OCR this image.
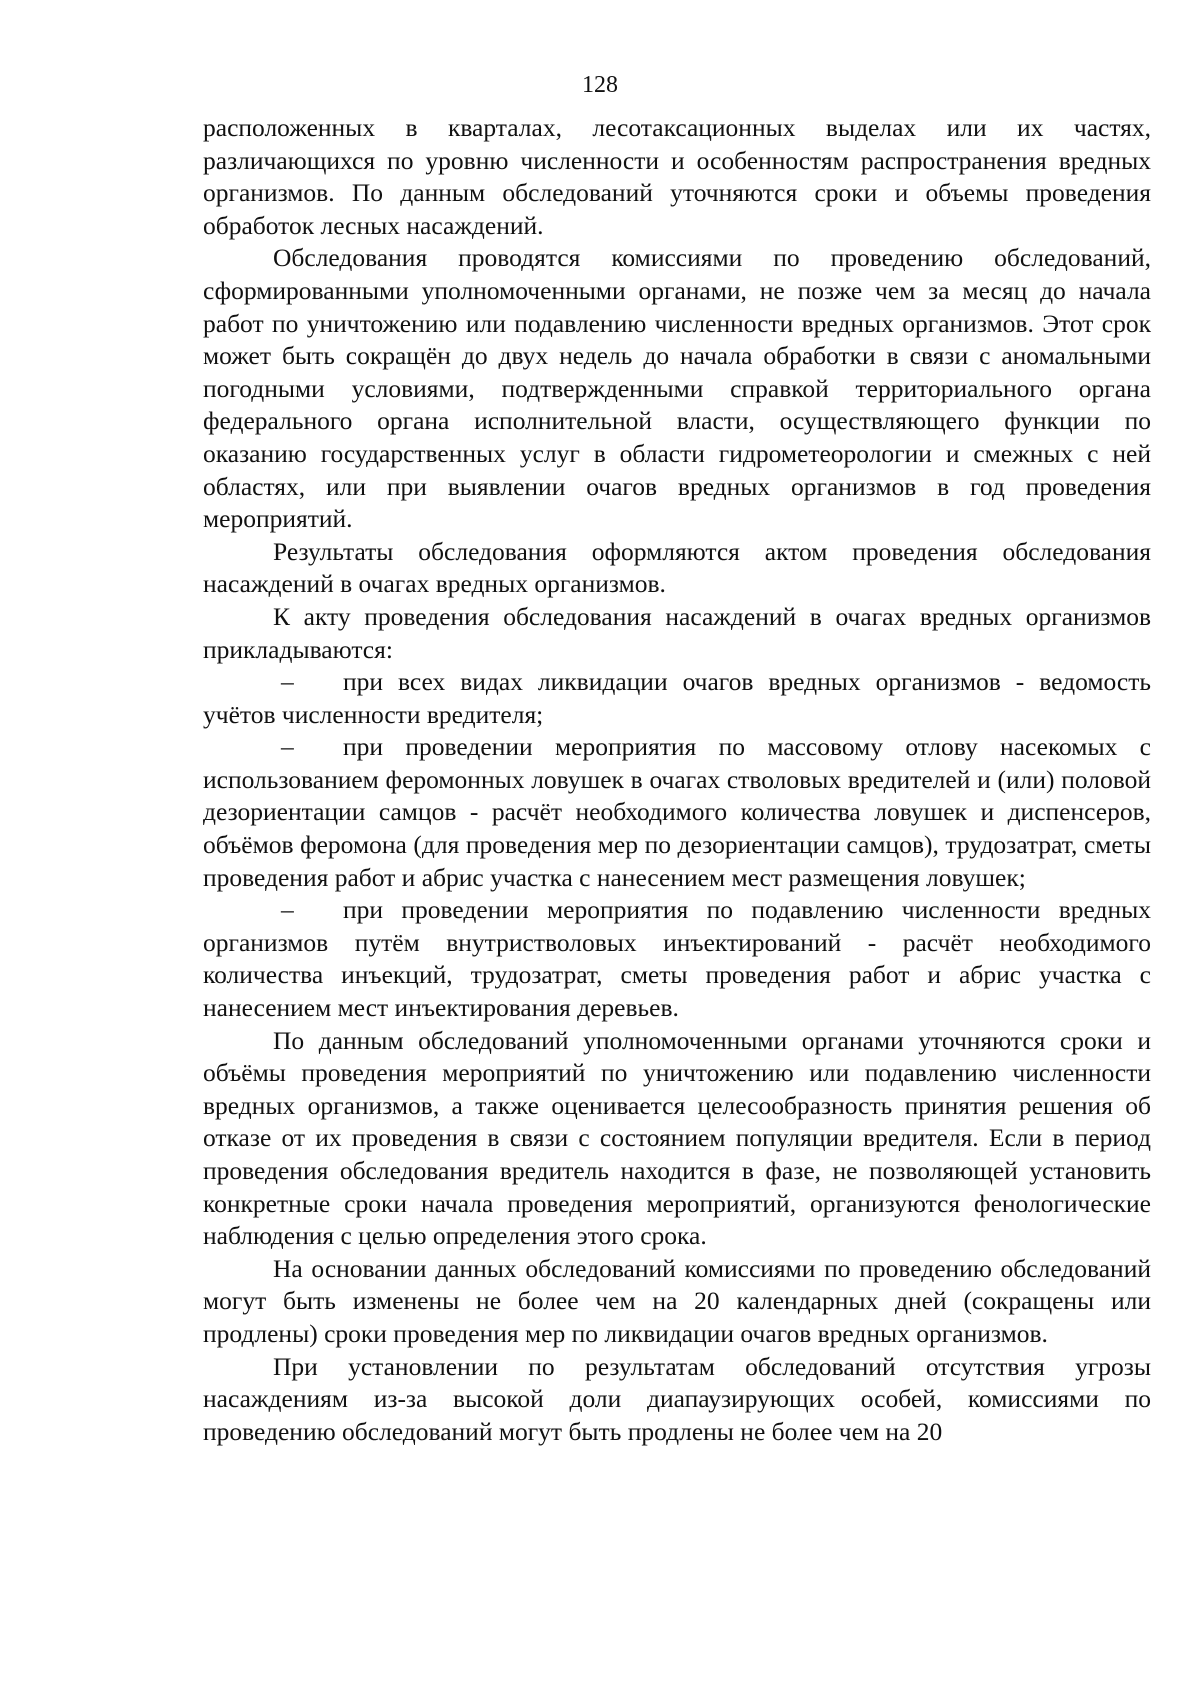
128

расположенных в кварталах, лесотаксационных выделах или их частях, различающихся по уровню численности и особенностям распространения вредных организмов. По данным обследований уточняются сроки и объемы проведения обработок лесных насаждений.

Обследования проводятся комиссиями по проведению обследований, сформированными уполномоченными органами, не позже чем за месяц до начала работ по уничтожению или подавлению численности вредных организмов. Этот срок может быть сокращён до двух недель до начала обработки в связи с аномальными погодными условиями, подтвержденными справкой территориального органа федерального органа исполнительной власти, осуществляющего функции по оказанию государственных услуг в области гидрометеорологии и смежных с ней областях, или при выявлении очагов вредных организмов в год проведения мероприятий.

Результаты обследования оформляются актом проведения обследования насаждений в очагах вредных организмов.

К акту проведения обследования насаждений в очагах вредных организмов прикладываются:

– при всех видах ликвидации очагов вредных организмов - ведомость учётов численности вредителя;

– при проведении мероприятия по массовому отлову насекомых с использованием феромонных ловушек в очагах стволовых вредителей и (или) половой дезориентации самцов - расчёт необходимого количества ловушек и диспенсеров, объёмов феромона (для проведения мер по дезориентации самцов), трудозатрат, сметы проведения работ и абрис участка с нанесением мест размещения ловушек;

– при проведении мероприятия по подавлению численности вредных организмов путём внутристволовых инъектирований - расчёт необходимого количества инъекций, трудозатрат, сметы проведения работ и абрис участка с нанесением мест инъектирования деревьев.

По данным обследований уполномоченными органами уточняются сроки и объёмы проведения мероприятий по уничтожению или подавлению численности вредных организмов, а также оценивается целесообразность принятия решения об отказе от их проведения в связи с состоянием популяции вредителя. Если в период проведения обследования вредитель находится в фазе, не позволяющей установить конкретные сроки начала проведения мероприятий, организуются фенологические наблюдения с целью определения этого срока.

На основании данных обследований комиссиями по проведению обследований могут быть изменены не более чем на 20 календарных дней (сокращены или продлены) сроки проведения мер по ликвидации очагов вредных организмов.

При установлении по результатам обследований отсутствия угрозы насаждениям из-за высокой доли диапаузирующих особей, комиссиями по проведению обследований могут быть продлены не более чем на 20
